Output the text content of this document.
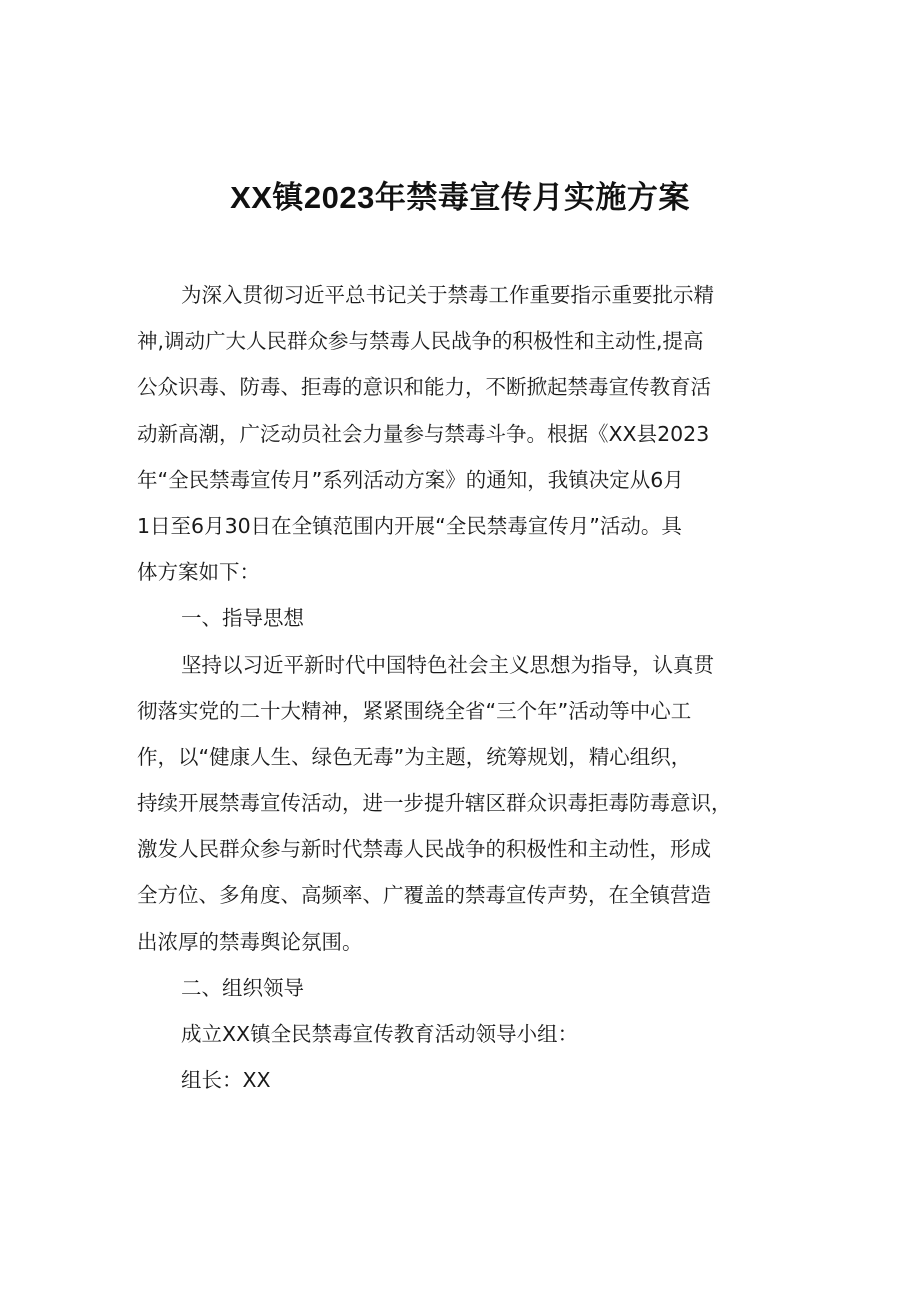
XX镇2023年禁毒宣传月实施方案
为深入贯彻习近平总书记关于禁毒工作重要指示重要批示精
神,调动广大人民群众参与禁毒人民战争的积极性和主动性,提高
公众识毒、防毒、拒毒的意识和能力，不断掀起禁毒宣传教育活
动新高潮，广泛动员社会力量参与禁毒斗争。根据《XX县2023
年“全民禁毒宣传月”系列活动方案》的通知，我镇决定从6月
1日至6月30日在全镇范围内开展“全民禁毒宣传月”活动。具
体方案如下：
一、指导思想
坚持以习近平新时代中国特色社会主义思想为指导，认真贯
彻落实党的二十大精神，紧紧围绕全省“三个年”活动等中心工
作，以“健康人生、绿色无毒”为主题，统筹规划，精心组织，
持续开展禁毒宣传活动，进一步提升辖区群众识毒拒毒防毒意识，
激发人民群众参与新时代禁毒人民战争的积极性和主动性，形成
全方位、多角度、高频率、广覆盖的禁毒宣传声势，在全镇营造
出浓厚的禁毒舆论氛围。
二、组织领导
成立XX镇全民禁毒宣传教育活动领导小组：
组长：XX
